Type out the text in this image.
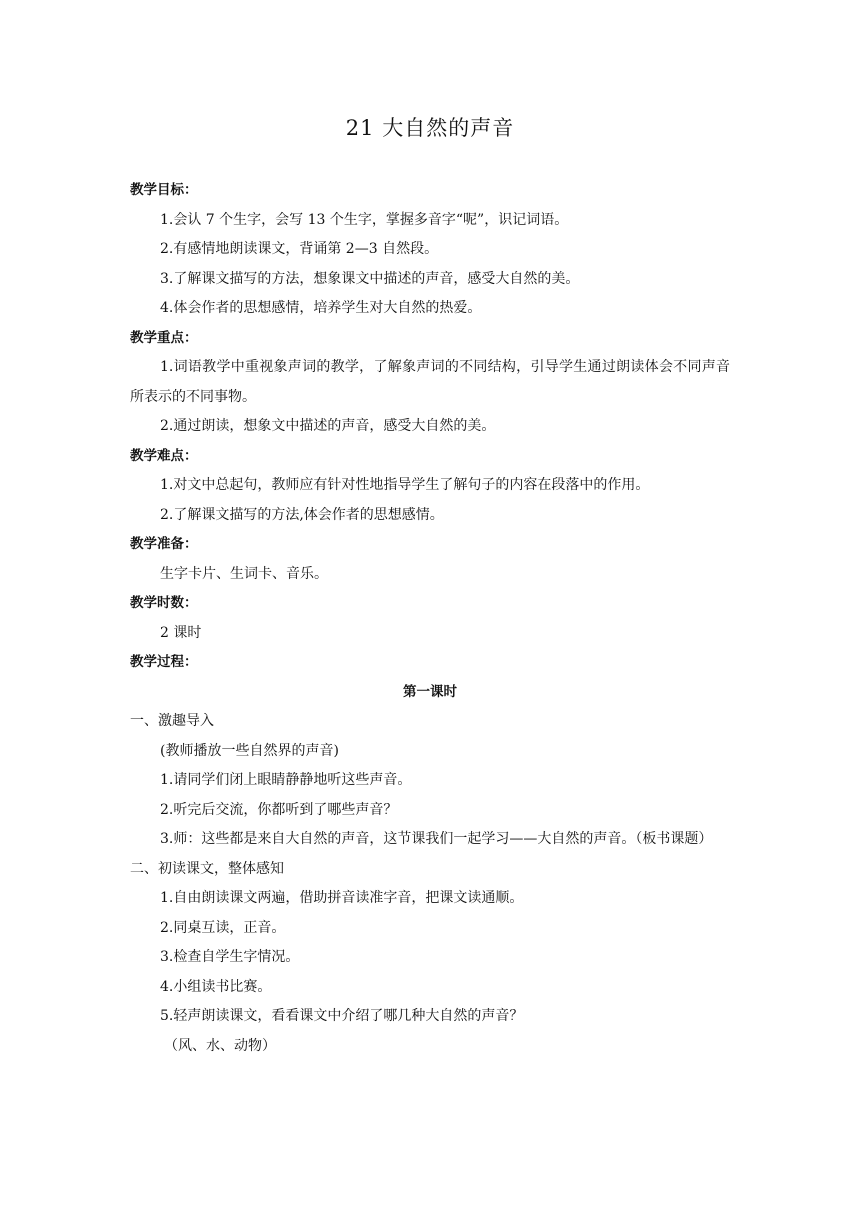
21 大自然的声音
教学目标：
1.会认 7 个生字，会写 13 个生字，掌握多音字“呢”，识记词语。
2.有感情地朗读课文，背诵第 2—3 自然段。
3.了解课文描写的方法，想象课文中描述的声音，感受大自然的美。
4.体会作者的思想感情，培养学生对大自然的热爱。
教学重点：
1.词语教学中重视象声词的教学，了解象声词的不同结构，引导学生通过朗读体会不同声音所表示的不同事物。
2.通过朗读，想象文中描述的声音，感受大自然的美。
教学难点：
1.对文中总起句，教师应有针对性地指导学生了解句子的内容在段落中的作用。
2.了解课文描写的方法,体会作者的思想感情。
教学准备：
生字卡片、生词卡、音乐。
教学时数：
2 课时
教学过程：
第一课时
一、激趣导入
(教师播放一些自然界的声音)
1.请同学们闭上眼睛静静地听这些声音。
2.听完后交流，你都听到了哪些声音？
3.师：这些都是来自大自然的声音，这节课我们一起学习——大自然的声音。（板书课题）
二、初读课文，整体感知
1.自由朗读课文两遍，借助拼音读准字音，把课文读通顺。
2.同桌互读，正音。
3.检查自学生字情况。
4.小组读书比赛。
5.轻声朗读课文，看看课文中介绍了哪几种大自然的声音？
（风、水、动物）
